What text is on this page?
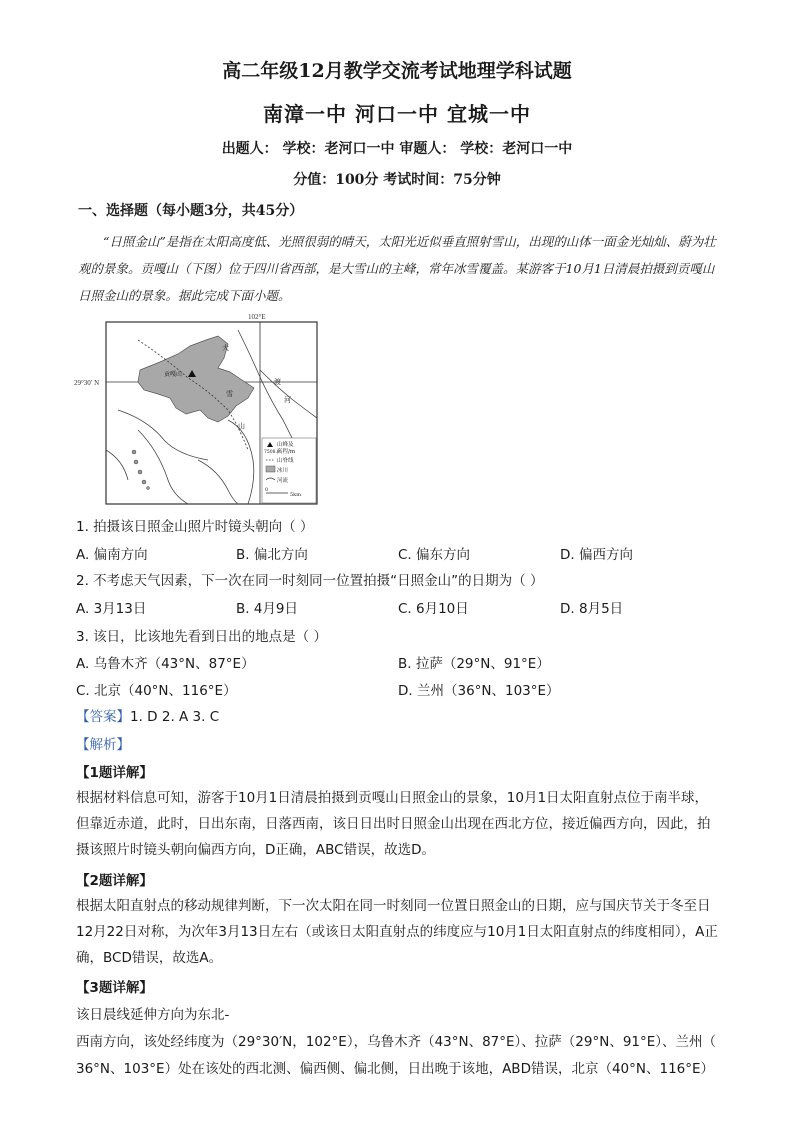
高二年级12月教学交流考试地理学科试题
南漳一中 河口一中 宜城一中
出题人： 学校：老河口一中 审题人： 学校：老河口一中
分值：100分 考试时间：75分钟
一、选择题（每小题3分，共45分）
“日照金山”是指在太阳高度低、光照很弱的晴天，太阳光近似垂直照射雪山，出现的山体一面金光灿灿、蔚为壮观的景象。贡嘎山（下图）位于四川省西部，是大雪山的主峰，常年冰雪覆盖。某游客于10月1日清晨拍摄到贡嘎山日照金山的景象。据此完成下面小题。
102°E
29°30′ N
贡嘎山
大
渡
河
山
雪
山峰及
高程/m
7508.9
山脊线
冰川
河流
0
5km
1. 拍摄该日照金山照片时镜头朝向（ ）
A. 偏南方向	B. 偏北方向	C. 偏东方向	D. 偏西方向
2. 不考虑天气因素，下一次在同一时刻同一位置拍摄“日照金山”的日期为（ ）
A. 3月13日	B. 4月9日	C. 6月10日	D. 8月5日
3. 该日，比该地先看到日出的地点是（ ）
A. 乌鲁木齐（43°N、87°E）	B. 拉萨（29°N、91°E）
C. 北京（40°N、116°E）	D. 兰州（36°N、103°E）
【答案】1. D 2. A 3. C
【解析】
【1题详解】
根据材料信息可知，游客于10月1日清晨拍摄到贡嘎山日照金山的景象，10月1日太阳直射点位于南半球，但靠近赤道，此时，日出东南，日落西南，该日日出时日照金山出现在西北方位，接近偏西方向，因此，拍摄该照片时镜头朝向偏西方向，D正确，ABC错误，故选D。
【2题详解】
根据太阳直射点的移动规律判断，下一次太阳在同一时刻同一位置日照金山的日期，应与国庆节关于冬至日12月22日对称，为次年3月13日左右（或该日太阳直射点的纬度应与10月1日太阳直射点的纬度相同），A正确，BCD错误，故选A。
【3题详解】
该日晨线延伸方向为东北-
西南方向，该处经纬度为（29°30′N，102°E），乌鲁木齐（43°N、87°E）、拉萨（29°N、91°E）、兰州（
36°N、103°E）处在该处的西北测、偏西侧、偏北侧，日出晚于该地，ABD错误，北京（40°N、116°E）
